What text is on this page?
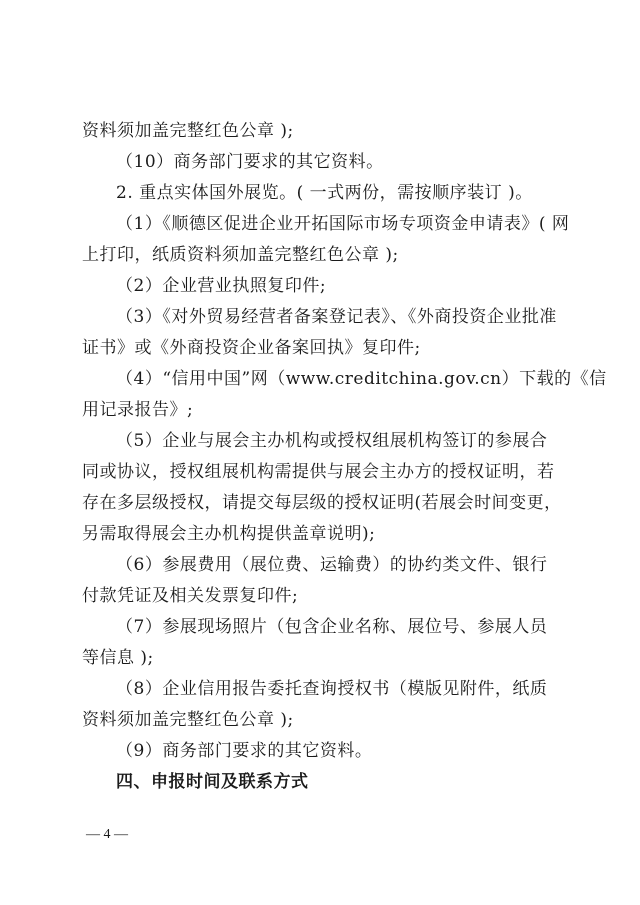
资料须加盖完整红色公章 );
（10）商务部门要求的其它资料。
2. 重点实体国外展览。( 一式两份，需按顺序装订 )。
（1）《顺德区促进企业开拓国际市场专项资金申请表》( 网
上打印，纸质资料须加盖完整红色公章 );
（2）企业营业执照复印件;
（3）《对外贸易经营者备案登记表》、《外商投资企业批准
证书》或《外商投资企业备案回执》复印件;
（4）“信用中国”网（www.creditchina.gov.cn）下载的《信
用记录报告》;
（5）企业与展会主办机构或授权组展机构签订的参展合
同或协议，授权组展机构需提供与展会主办方的授权证明，若
存在多层级授权，请提交每层级的授权证明(若展会时间变更，
另需取得展会主办机构提供盖章说明);
（6）参展费用（展位费、运输费）的协约类文件、银行
付款凭证及相关发票复印件;
（7）参展现场照片（包含企业名称、展位号、参展人员
等信息 );
（8）企业信用报告委托查询授权书（模版见附件，纸质
资料须加盖完整红色公章 );
（9）商务部门要求的其它资料。
四、申报时间及联系方式
— 4 —
